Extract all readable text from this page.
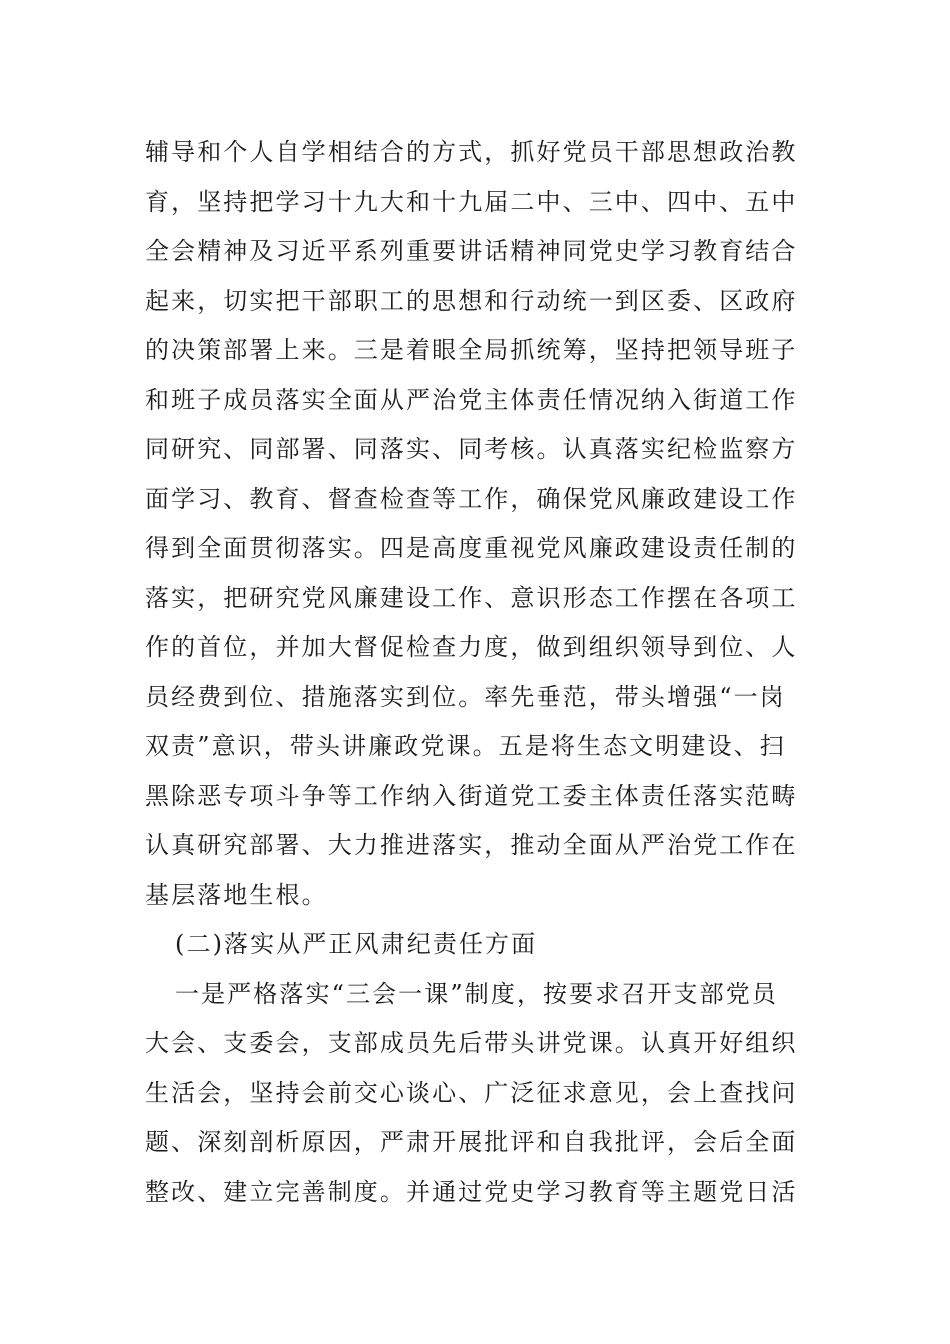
辅导和个人自学相结合的方式，抓好党员干部思想政治教
育，坚持把学习十九大和十九届二中、三中、四中、五中
全会精神及习近平系列重要讲话精神同党史学习教育结合
起来，切实把干部职工的思想和行动统一到区委、区政府
的决策部署上来。三是着眼全局抓统筹，坚持把领导班子
和班子成员落实全面从严治党主体责任情况纳入街道工作
同研究、同部署、同落实、同考核。认真落实纪检监察方
面学习、教育、督查检查等工作，确保党风廉政建设工作
得到全面贯彻落实。四是高度重视党风廉政建设责任制的
落实，把研究党风廉建设工作、意识形态工作摆在各项工
作的首位，并加大督促检查力度，做到组织领导到位、人
员经费到位、措施落实到位。率先垂范，带头增强“一岗
双责”意识，带头讲廉政党课。五是将生态文明建设、扫
黑除恶专项斗争等工作纳入街道党工委主体责任落实范畴
认真研究部署、大力推进落实，推动全面从严治党工作在
基层落地生根。
(二)落实从严正风肃纪责任方面
一是严格落实“三会一课”制度，按要求召开支部党员
大会、支委会，支部成员先后带头讲党课。认真开好组织
生活会，坚持会前交心谈心、广泛征求意见，会上查找问
题、深刻剖析原因，严肃开展批评和自我批评，会后全面
整改、建立完善制度。并通过党史学习教育等主题党日活
